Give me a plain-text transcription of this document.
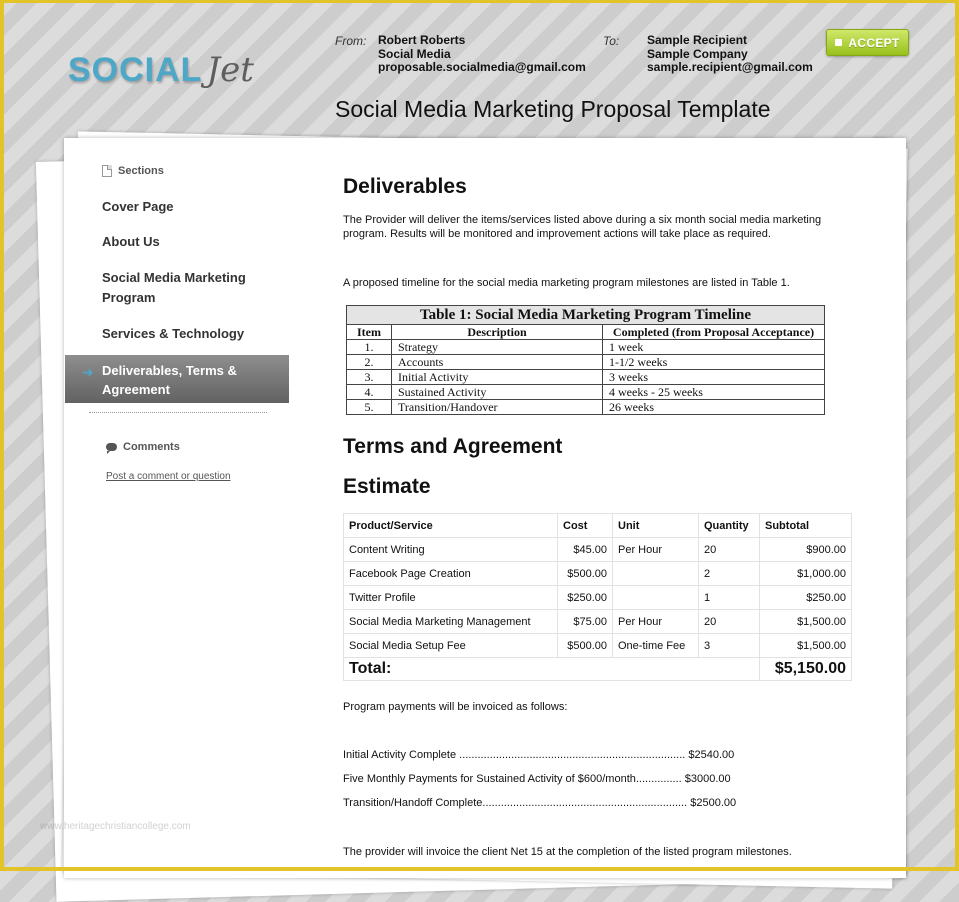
SOCIAL Jet
From: Robert Roberts
Social Media
proposable.socialmedia@gmail.com
To: Sample Recipient
Sample Company
sample.recipient@gmail.com
ACCEPT
Social Media Marketing Proposal Template
Sections
Cover Page
About Us
Social Media Marketing Program
Services & Technology
➜ Deliverables, Terms & Agreement
Comments
Post a comment or question
Deliverables
The Provider will deliver the items/services listed above during a six month social media marketing program. Results will be monitored and improvement actions will take place as required.
A proposed timeline for the social media marketing program milestones are listed in Table 1.
Table 1: Social Media Marketing Program Timeline		
Item	Description	Completed (from Proposal Acceptance)
1.	Strategy	1 week
2.	Accounts	1-1/2 weeks
3.	Initial Activity	3 weeks
4.	Sustained Activity	4 weeks - 25 weeks
5.	Transition/Handover	26 weeks
Terms and Agreement
Estimate
Product/Service	Cost	Unit	Quantity	Subtotal
Content Writing	$45.00	Per Hour	20	$900.00
Facebook Page Creation	$500.00		2	$1,000.00
Twitter Profile	$250.00		1	$250.00
Social Media Marketing Management	$75.00	Per Hour	20	$1,500.00
Social Media Setup Fee	$500.00	One-time Fee	3	$1,500.00
Total:				$5,150.00
Program payments will be invoiced as follows:
Initial Activity Complete .......................................................................... $2540.00
Five Monthly Payments for Sustained Activity of $600/month............... $3000.00
Transition/Handoff Complete................................................................... $2500.00
The provider will invoice the client Net 15 at the completion of the listed program milestones.
www.heritagechristiancollege.com
